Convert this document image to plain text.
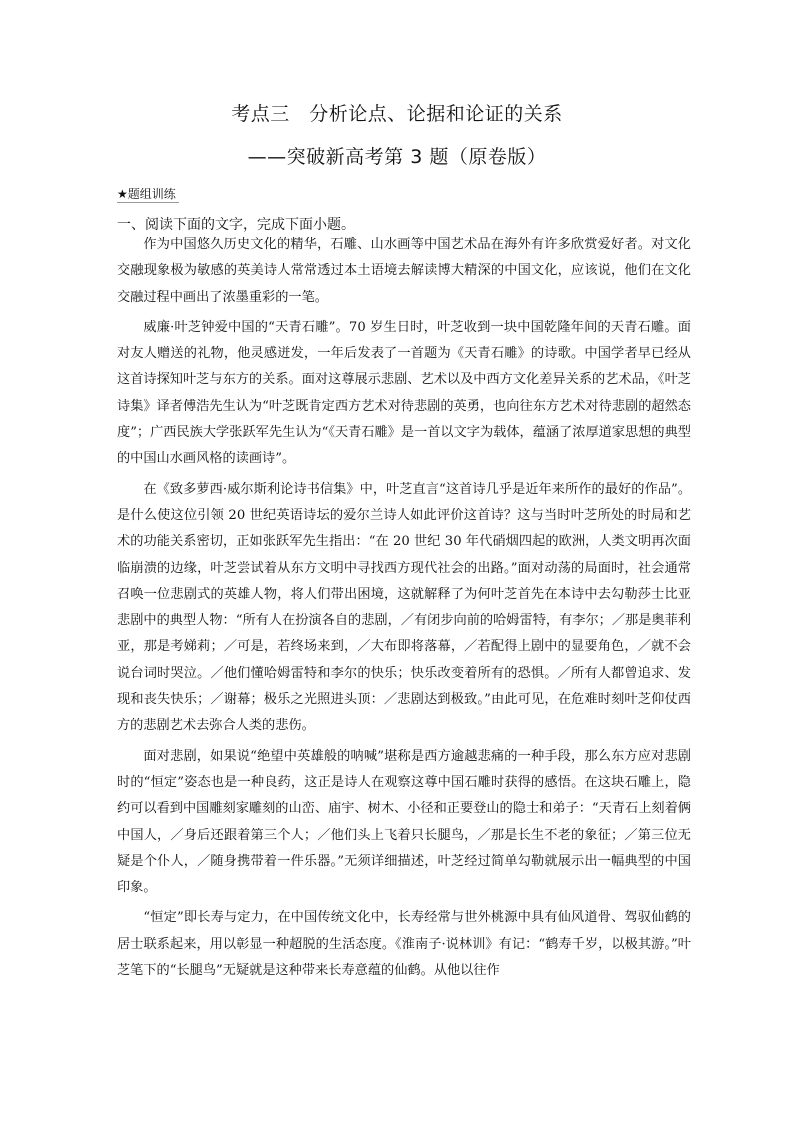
考点三　分析论点、论据和论证的关系
——突破新高考第 3 题（原卷版）
★题组训练
一、阅读下面的文字，完成下面小题。

作为中国悠久历史文化的精华，石雕、山水画等中国艺术品在海外有许多欣赏爱好者。对文化交融现象极为敏感的英美诗人常常透过本土语境去解读博大精深的中国文化，应该说，他们在文化交融过程中画出了浓墨重彩的一笔。

威廉·叶芝钟爱中国的“天青石雕”。70 岁生日时，叶芝收到一块中国乾隆年间的天青石雕。面对友人赠送的礼物，他灵感迸发，一年后发表了一首题为《天青石雕》的诗歌。中国学者早已经从这首诗探知叶芝与东方的关系。面对这尊展示悲剧、艺术以及中西方文化差异关系的艺术品，《叶芝诗集》译者傅浩先生认为“叶芝既肯定西方艺术对待悲剧的英勇，也向往东方艺术对待悲剧的超然态度”；广西民族大学张跃军先生认为“《天青石雕》是一首以文字为载体，蕴涵了浓厚道家思想的典型的中国山水画风格的读画诗”。

在《致多萝西·威尔斯利论诗书信集》中，叶芝直言“这首诗几乎是近年来所作的最好的作品”。是什么使这位引领 20 世纪英语诗坛的爱尔兰诗人如此评价这首诗？这与当时叶芝所处的时局和艺术的功能关系密切，正如张跃军先生指出：“在 20 世纪 30 年代硝烟四起的欧洲，人类文明再次面临崩溃的边缘，叶芝尝试着从东方文明中寻找西方现代社会的出路。”面对动荡的局面时，社会通常召唤一位悲剧式的英雄人物，将人们带出困境，这就解释了为何叶芝首先在本诗中去勾勒莎士比亚悲剧中的典型人物：“所有人在扮演各自的悲剧，／有闭步向前的哈姆雷特，有李尔；／那是奥菲利亚，那是考娣莉；／可是，若终场来到，／大布即将落幕，／若配得上剧中的显要角色，／就不会说台词时哭泣。／他们懂哈姆雷特和李尔的快乐；快乐改变着所有的恐惧。／所有人都曾追求、发现和丧失快乐；／谢幕；极乐之光照进头顶：／悲剧达到极致。”由此可见，在危难时刻叶芝仰仗西方的悲剧艺术去弥合人类的悲伤。

面对悲剧，如果说“绝望中英雄般的呐喊”堪称是西方逾越悲痛的一种手段，那么东方应对悲剧时的“恒定”姿态也是一种良药，这正是诗人在观察这尊中国石雕时获得的感悟。在这块石雕上，隐约可以看到中国雕刻家雕刻的山峦、庙宇、树木、小径和正要登山的隐士和弟子：“天青石上刻着俩中国人，／身后还跟着第三个人；／他们头上飞着只长腿鸟，／那是长生不老的象征；／第三位无疑是个仆人，／随身携带着一件乐器。”无须详细描述，叶芝经过简单勾勒就展示出一幅典型的中国印象。

“恒定”即长寿与定力，在中国传统文化中，长寿经常与世外桃源中具有仙风道骨、驾驭仙鹤的居士联系起来，用以彰显一种超脱的生活态度。《淮南子·说林训》有记：“鹤寿千岁，以极其游。”叶芝笔下的“长腿鸟”无疑就是这种带来长寿意蕴的仙鹤。从他以往作
